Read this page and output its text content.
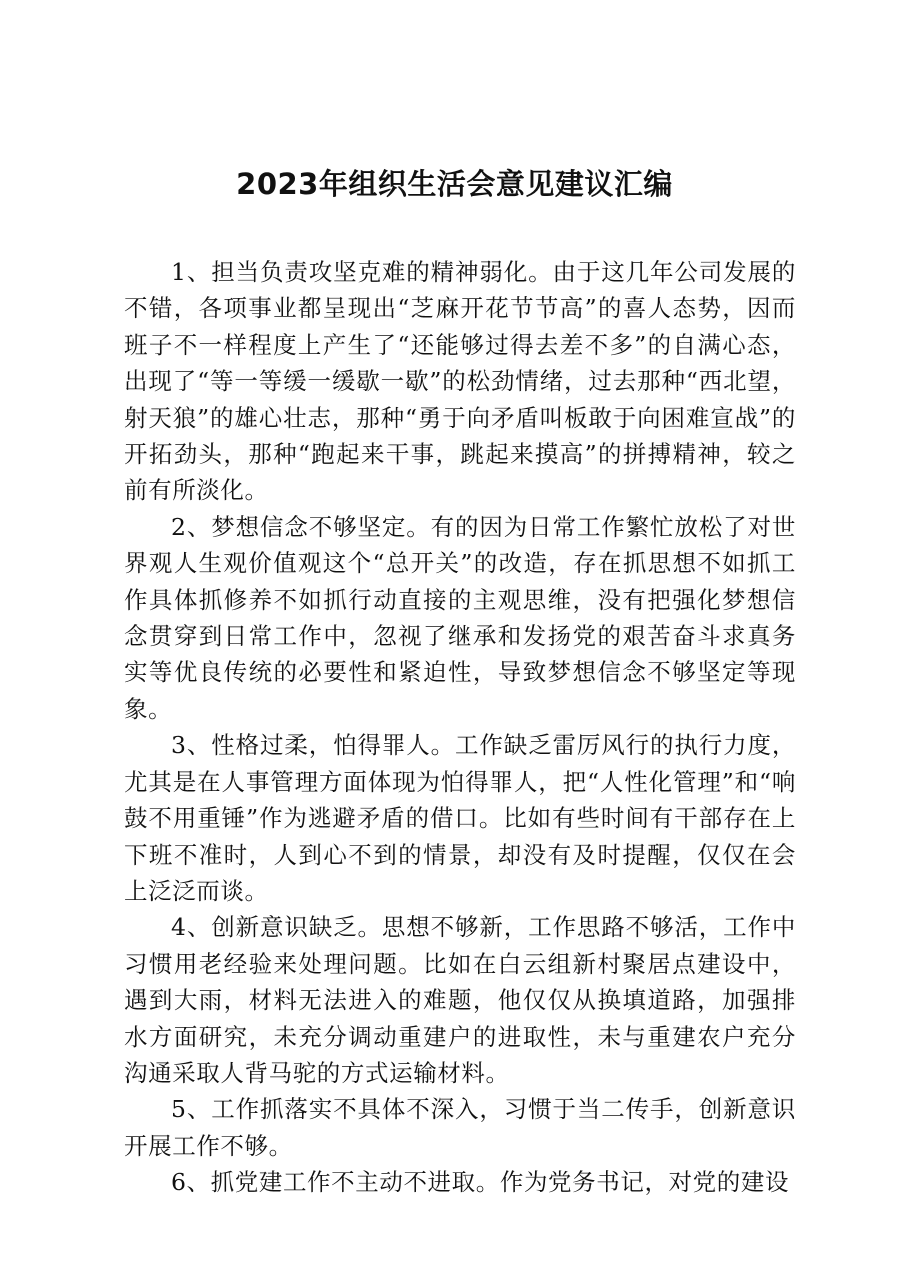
2023年组织生活会意见建议汇编

1、担当负责攻坚克难的精神弱化。由于这几年公司发展的不错，各项事业都呈现出“芝麻开花节节高”的喜人态势，因而班子不一样程度上产生了“还能够过得去差不多”的自满心态，出现了“等一等缓一缓歇一歇”的松劲情绪，过去那种“西北望，射天狼”的雄心壮志，那种“勇于向矛盾叫板敢于向困难宣战”的开拓劲头，那种“跑起来干事，跳起来摸高”的拼搏精神，较之前有所淡化。

2、梦想信念不够坚定。有的因为日常工作繁忙放松了对世界观人生观价值观这个“总开关”的改造，存在抓思想不如抓工作具体抓修养不如抓行动直接的主观思维，没有把强化梦想信念贯穿到日常工作中，忽视了继承和发扬党的艰苦奋斗求真务实等优良传统的必要性和紧迫性，导致梦想信念不够坚定等现象。

3、性格过柔，怕得罪人。工作缺乏雷厉风行的执行力度，尤其是在人事管理方面体现为怕得罪人，把“人性化管理”和“响鼓不用重锤”作为逃避矛盾的借口。比如有些时间有干部存在上下班不准时，人到心不到的情景，却没有及时提醒，仅仅在会上泛泛而谈。

4、创新意识缺乏。思想不够新，工作思路不够活，工作中习惯用老经验来处理问题。比如在白云组新村聚居点建设中，遇到大雨，材料无法进入的难题，他仅仅从换填道路，加强排水方面研究，未充分调动重建户的进取性，未与重建农户充分沟通采取人背马驼的方式运输材料。

5、工作抓落实不具体不深入，习惯于当二传手，创新意识开展工作不够。

6、抓党建工作不主动不进取。作为党务书记，对党的建设
